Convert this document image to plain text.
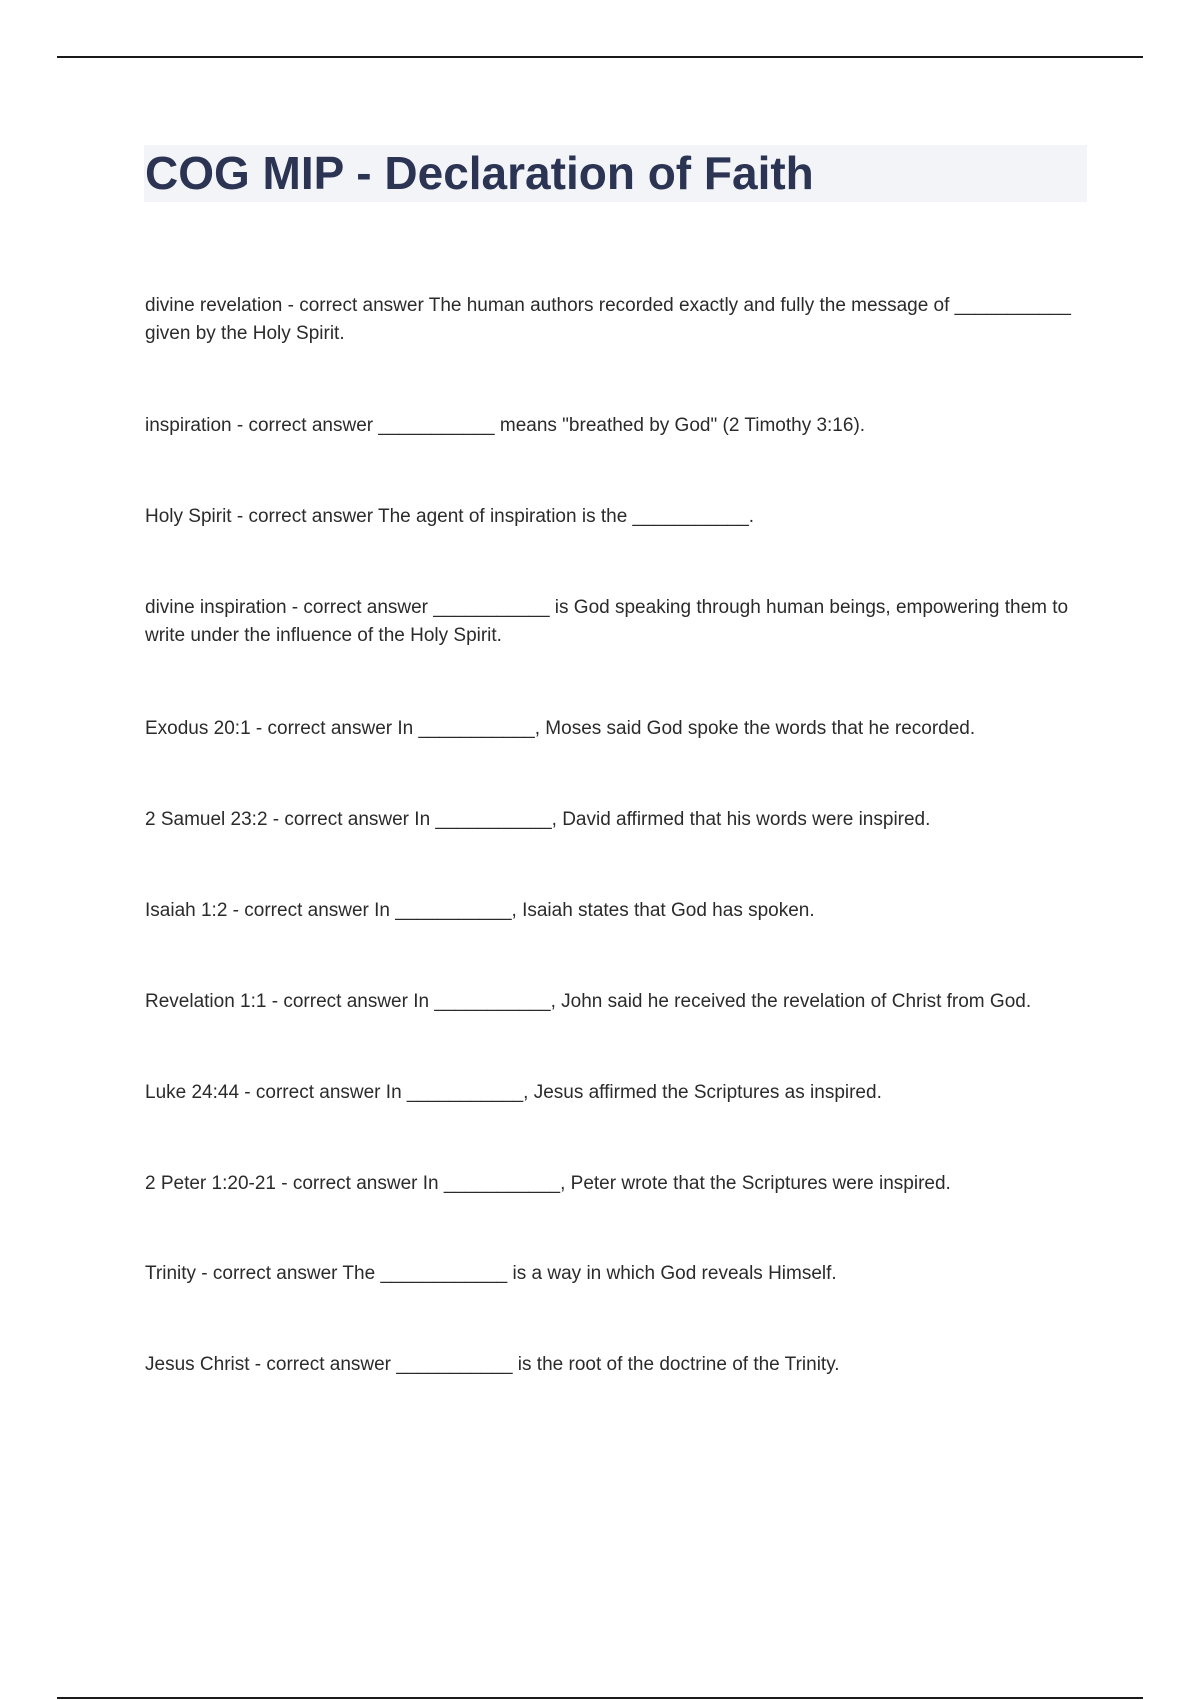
COG MIP - Declaration of Faith

divine revelation - correct answer The human authors recorded exactly and fully the message of ___________ given by the Holy Spirit.

inspiration - correct answer ___________ means "breathed by God" (2 Timothy 3:16).

Holy Spirit - correct answer The agent of inspiration is the ___________.

divine inspiration - correct answer ___________ is God speaking through human beings, empowering them to write under the influence of the Holy Spirit.

Exodus 20:1 - correct answer In ___________, Moses said God spoke the words that he recorded.

2 Samuel 23:2 - correct answer In ___________, David affirmed that his words were inspired.

Isaiah 1:2 - correct answer In ___________, Isaiah states that God has spoken.

Revelation 1:1 - correct answer In ___________, John said he received the revelation of Christ from God.

Luke 24:44 - correct answer In ___________, Jesus affirmed the Scriptures as inspired.

2 Peter 1:20-21 - correct answer In ___________, Peter wrote that the Scriptures were inspired.

Trinity - correct answer The ____________ is a way in which God reveals Himself.

Jesus Christ - correct answer ___________ is the root of the doctrine of the Trinity.
